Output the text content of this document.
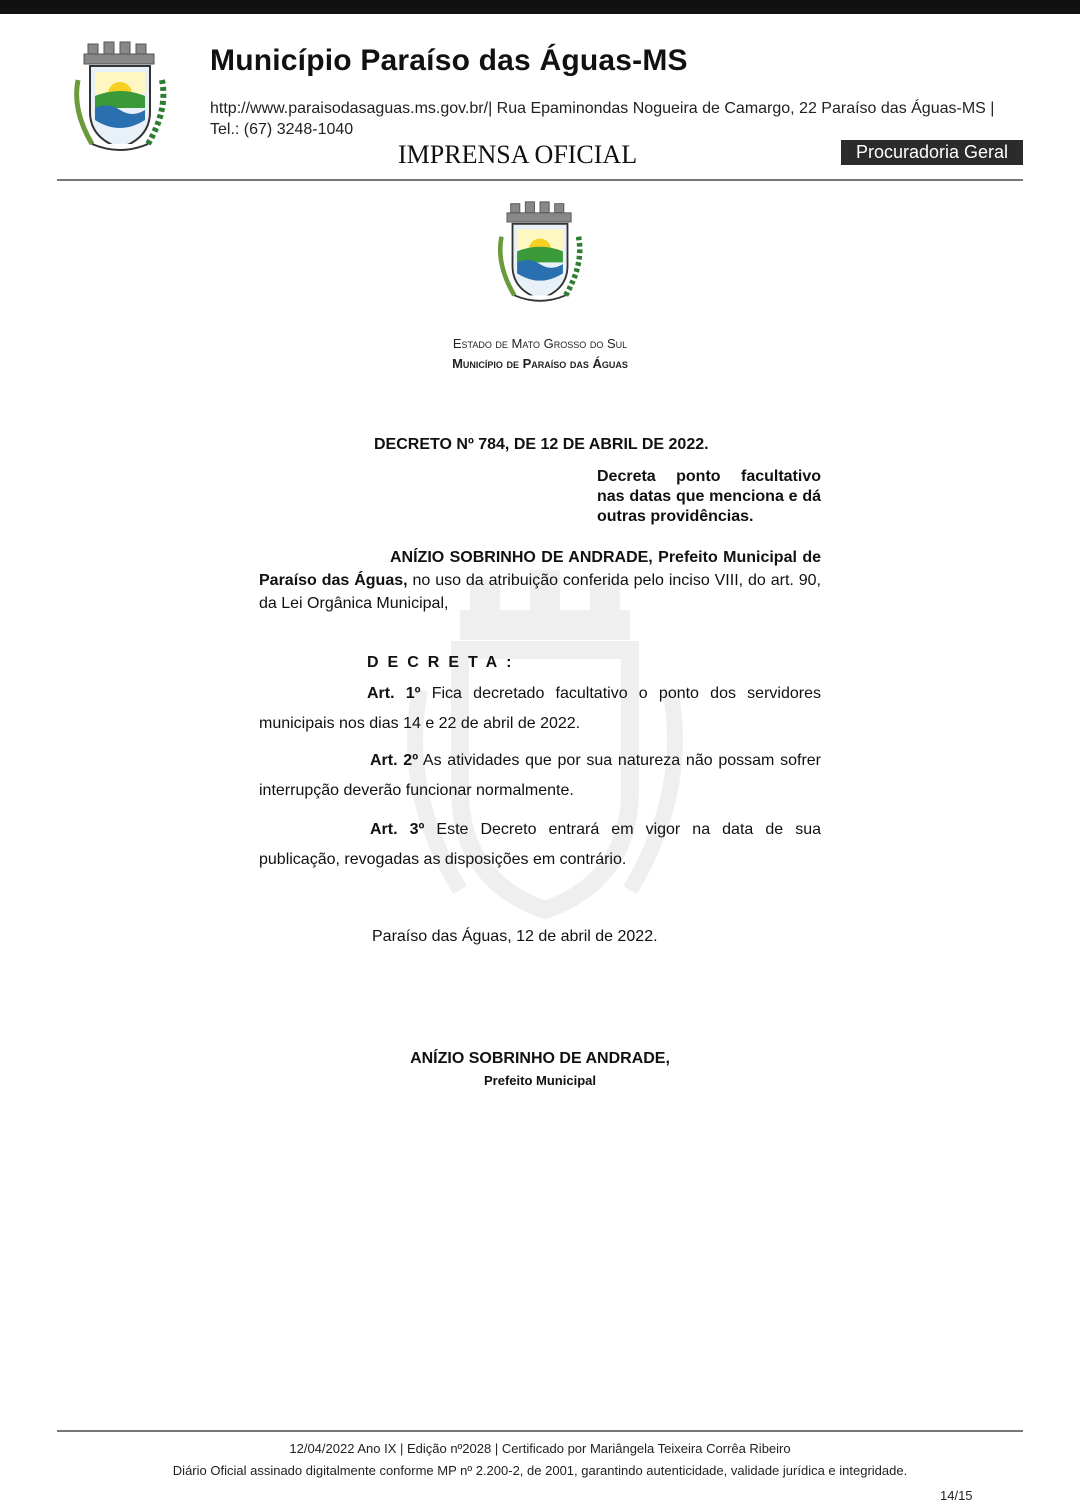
Município Paraíso das Águas-MS
http://www.paraisodasaguas.ms.gov.br/| Rua Epaminondas Nogueira de Camargo, 22 Paraíso das Águas-MS | Tel.: (67) 3248-1040
IMPRENSA OFICIAL	Procuradoria Geral
Estado de Mato Grosso do Sul
Município de Paraíso das Águas
DECRETO Nº 784, DE 12 DE ABRIL DE 2022.
Decreta ponto facultativo nas datas que menciona e dá outras providências.
ANÍZIO SOBRINHO DE ANDRADE, Prefeito Municipal de Paraíso das Águas, no uso da atribuição conferida pelo inciso VIII, do art. 90, da Lei Orgânica Municipal,
DECRETA:
Art. 1º Fica decretado facultativo o ponto dos servidores municipais nos dias 14 e 22 de abril de 2022.
Art. 2º As atividades que por sua natureza não possam sofrer interrupção deverão funcionar normalmente.
Art. 3º Este Decreto entrará em vigor na data de sua publicação, revogadas as disposições em contrário.
Paraíso das Águas, 12 de abril de 2022.
ANÍZIO SOBRINHO DE ANDRADE,
Prefeito Municipal
12/04/2022 Ano IX | Edição nº2028 | Certificado por Mariângela Teixeira Corrêa Ribeiro
Diário Oficial assinado digitalmente conforme MP nº 2.200-2, de 2001, garantindo autenticidade, validade jurídica e integridade.
14/15
